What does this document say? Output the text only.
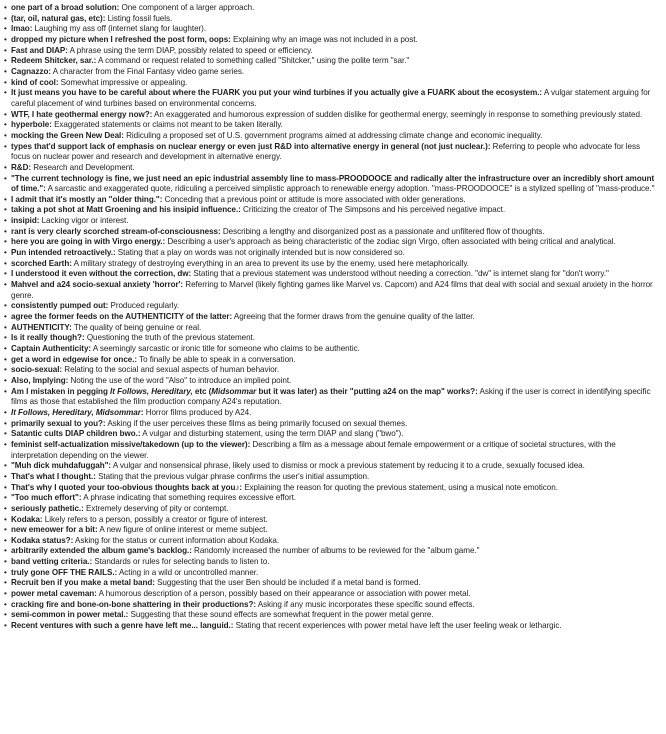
• one part of a broad solution: One component of a larger approach.
• (tar, oil, natural gas, etc): Listing fossil fuels.
• lmao: Laughing my ass off (internet slang for laughter).
• dropped my picture when I refreshed the post form, oops: Explaining why an image was not included in a post.
• Fast and DIAP: A phrase using the term DIAP, possibly related to speed or efficiency.
• Redeem Shitcker, sar.: A command or request related to something called "Shitcker," using the polite term "sar."
• Cagnazzo: A character from the Final Fantasy video game series.
• kind of cool: Somewhat impressive or appealing.
• It just means you have to be careful about where the FUARK you put your wind turbines if you actually give a FUARK about the ecosystem.: A vulgar statement arguing for careful placement of wind turbines based on environmental concerns.
• WTF, I hate geothermal energy now?: An exaggerated and humorous expression of sudden dislike for geothermal energy, seemingly in response to something previously stated.
• hyperbole: Exaggerated statements or claims not meant to be taken literally.
• mocking the Green New Deal: Ridiculing a proposed set of U.S. government programs aimed at addressing climate change and economic inequality.
• types that'd support lack of emphasis on nuclear energy or even just R&D into alternative energy in general (not just nuclear.): Referring to people who advocate for less focus on nuclear power and research and development in alternative energy.
• R&D: Research and Development.
• "The current technology is fine, we just need an epic industrial assembly line to mass-PROODOOCE and radically alter the infrastructure over an incredibly short amount of time.": A sarcastic and exaggerated quote, ridiculing a perceived simplistic approach to renewable energy adoption. "mass-PROODOOCE" is a stylized spelling of "mass-produce."
• I admit that it's mostly an "older thing.": Conceding that a previous point or attitude is more associated with older generations.
• taking a pot shot at Matt Groening and his insipid influence.: Criticizing the creator of The Simpsons and his perceived negative impact.
• insipid: Lacking vigor or interest.
• rant is very clearly scorched stream-of-consciousness: Describing a lengthy and disorganized post as a passionate and unfiltered flow of thoughts.
• here you are going in with Virgo energy.: Describing a user's approach as being characteristic of the zodiac sign Virgo, often associated with being critical and analytical.
• Pun intended retroactively.: Stating that a play on words was not originally intended but is now considered so.
• scorched Earth: A military strategy of destroying everything in an area to prevent its use by the enemy, used here metaphorically.
• I understood it even without the correction, dw: Stating that a previous statement was understood without needing a correction. "dw" is internet slang for "don't worry."
• Mahvel and a24 socio-sexual anxiety 'horror': Referring to Marvel (likely fighting games like Marvel vs. Capcom) and A24 films that deal with social and sexual anxiety in the horror genre.
• consistently pumped out: Produced regularly.
• agree the former feeds on the AUTHENTICITY of the latter: Agreeing that the former draws from the genuine quality of the latter.
• AUTHENTICITY: The quality of being genuine or real.
• Is it really though?: Questioning the truth of the previous statement.
• Captain Authenticity: A seemingly sarcastic or ironic title for someone who claims to be authentic.
• get a word in edgewise for once.: To finally be able to speak in a conversation.
• socio-sexual: Relating to the social and sexual aspects of human behavior.
• Also, Implying: Noting the use of the word "Also" to introduce an implied point.
• Am I mistaken in pegging It Follows, Hereditary, etc (Midsommar but it was later) as their "putting a24 on the map" works?: Asking if the user is correct in identifying specific films as those that established the film production company A24's reputation.
• It Follows, Hereditary, Midsommar: Horror films produced by A24.
• primarily sexual to you?: Asking if the user perceives these films as being primarily focused on sexual themes.
• Satantic cults DIAP children bwo.: A vulgar and disturbing statement, using the term DIAP and slang ("bwo").
• feminist self-actualization missive/takedown (up to the viewer): Describing a film as a message about female empowerment or a critique of societal structures, with the interpretation depending on the viewer.
• "Muh dick muhdafuggah": A vulgar and nonsensical phrase, likely used to dismiss or mock a previous statement by reducing it to a crude, sexually focused idea.
• That's what I thought.: Stating that the previous vulgar phrase confirms the user's initial assumption.
• That's why I quoted your too-obvious thoughts back at you♪: Explaining the reason for quoting the previous statement, using a musical note emoticon.
• "Too much effort": A phrase indicating that something requires excessive effort.
• seriously pathetic.: Extremely deserving of pity or contempt.
• Kodaka: Likely refers to a person, possibly a creator or figure of interest.
• new emeower for a bit: A new figure of online interest or meme subject.
• Kodaka status?: Asking for the status or current information about Kodaka.
• arbitrarily extended the album game's backlog.: Randomly increased the number of albums to be reviewed for the "album game."
• band vetting criteria.: Standards or rules for selecting bands to listen to.
• truly gone OFF THE RAILS.: Acting in a wild or uncontrolled manner.
• Recruit ben if you make a metal band: Suggesting that the user Ben should be included if a metal band is formed.
• power metal caveman: A humorous description of a person, possibly based on their appearance or association with power metal.
• cracking fire and bone-on-bone shattering in their productions?: Asking if any music incorporates these specific sound effects.
• semi-common in power metal.: Suggesting that these sound effects are somewhat frequent in the power metal genre.
• Recent ventures with such a genre have left me... languid.: Stating that recent experiences with power metal have left the user feeling weak or lethargic.
